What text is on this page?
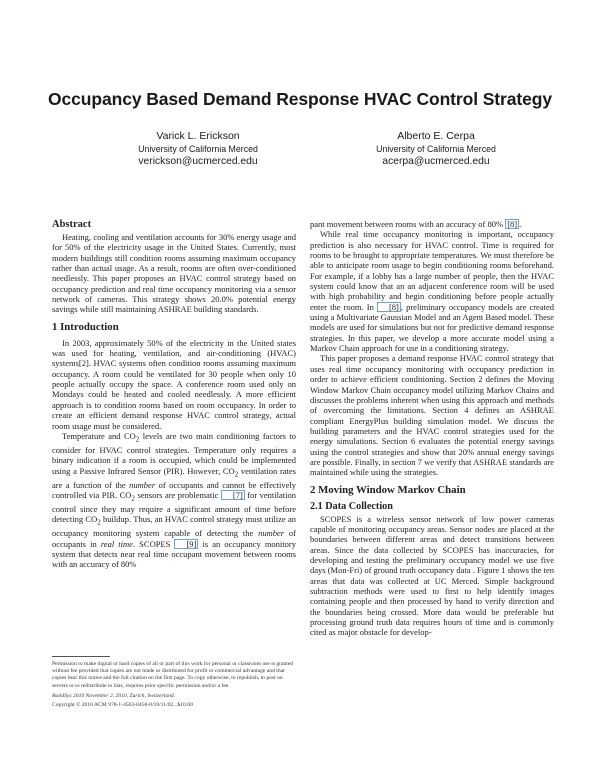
Occupancy Based Demand Response HVAC Control Strategy
Varick L. Erickson
University of California Merced
verickson@ucmerced.edu
Alberto E. Cerpa
University of California Merced
acerpa@ucmerced.edu
Abstract

Heating, cooling and ventilation accounts for 30% energy usage and for 50% of the electricity usage in the United States. Currently, most modern buildings still condition rooms assuming maximum occupancy rather than actual usage. As a result, rooms are often over-conditioned needlessly. This paper proposes an HVAC control strategy based on occupancy prediction and real time occupancy monitoring via a sensor network of cameras. This strategy shows 20.0% potential energy savings while still maintaining ASHRAE building standards.

1 Introduction

In 2003, approximately 50% of the electricity in the United states was used for heating, ventilation, and air-conditioning (HVAC) systems[2]. HVAC systems often condition rooms assuming maximum occupancy. A room could be ventilated for 30 people when only 10 people actually occupy the space. A conference room used only on Mondays could be heated and cooled needlessly. A more efficient approach is to condition rooms based on room occupancy. In order to create an efficient demand response HVAC control strategy, actual room usage must be considered.

Temperature and $CO_2$ levels are two main conditioning factors to consider for HVAC control strategies. Temperature only requires a binary indication if a room is occupied, which could be implemented using a Passive Infrared Sensor (PIR). However, $CO_2$ ventilation rates are a function of the number of occupants and cannot be effectively controlled via PIR. $CO_2$ sensors are problematic [7] for ventilation control since they may require a significant amount of time before detecting $CO_2$ buildup. Thus, an HVAC control strategy must utilize an occupancy monitoring system capable of detecting the number of occupants in real time. SCOPES [9] is an occupancy monitory system that detects near real time occupant movement between rooms with an accuracy of 80%

pant movement between rooms with an accuracy of 80% [8] .

While real time occupancy monitoring is important, occupancy prediction is also necessary for HVAC control. Time is required for rooms to be brought to appropriate temperatures. We must therefore be able to anticipate room usage to begin conditioning rooms beforehand. For example, if a lobby has a large number of people, then the HVAC system could know that an an adjacent conference room will be used with high probability and begin conditioning before people actually enter the room. In [8] , preliminary occupancy models are created using a Multivariate Gaussian Model and an Agent Based model. These models are used for simulations but not for predictive demand response strategies. In this paper, we develop a more accurate model using a Markov Chain approach for use in a conditioning strategy.

This paper proposes a demand response HVAC control strategy that uses real time occupancy monitoring with occupancy prediction in order to achieve efficient conditioning. Section 2 defines the Moving Window Markov Chain occupancy model utilizing Markov Chains and discusses the problems inherent when using this approach and methods of overcoming the limitations. Section 4 defines an ASHRAE compliant EnergyPlus building simulation model. We discuss the building parameters and the HVAC control strategies used for the energy simulations. Section 6 evaluates the potential energy savings using the control strategies and show that 20% annual energy savings are possible. Finally, in section 7 we verify that ASHRAE standards are maintained while using the strategies.

2 Moving Window Markov Chain
2.1 Data Collection

SCOPES is a wireless sensor network of low power cameras capable of monitoring occupancy areas. Sensor nodes are placed at the boundaries between different areas and detect transitions between areas. Since the data collected by SCOPES has inaccuracies, for developing and testing the preliminary occupancy model we use five days (Mon-Fri) of ground truth occupancy data . Figure 1 shows the ten areas that data was collected at UC Merced. Simple background subtraction methods were used to first to help identify images containing people and then processed by hand to verify direction and the boundaries being crossed. More data would be preferable but processing ground truth data requires hours of time and is commonly cited as major obstacle for develop-

Permission to make digital or hard copies of all or part of this work for personal or classroom use is granted without fee provided that copies are not made or distributed for profit or commercial advantage and that copies bear this notice and the full citation on the first page. To copy otherwise, to republish, to post on servers or to redistribute to lists, requires prior specific permission and/or a fee.

BuildSys 2010 November 2, 2010, Zurich, Switzerland.

Copyright © 2010 ACM 978-1-4503-0458-0/10/11/02...$10.00
